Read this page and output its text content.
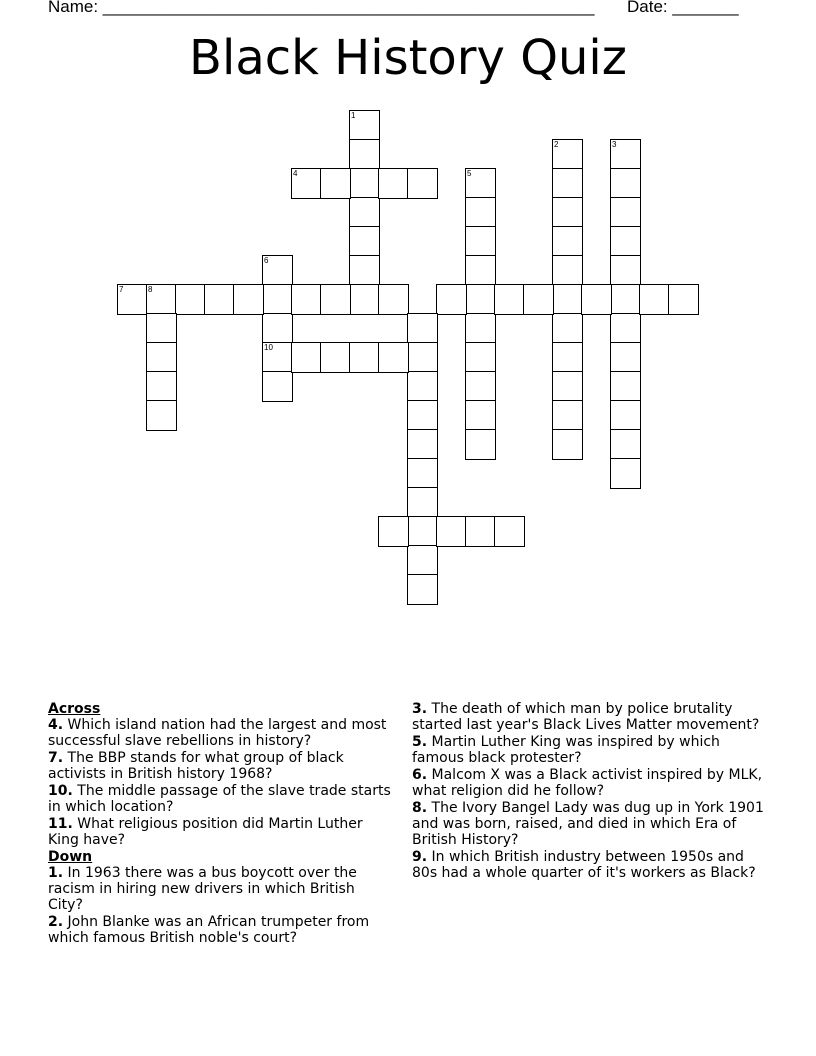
Name: ____________________________________________________ Date: _______
Black History Quiz
1
2	3
4	5
6
10
7	8
Across
4. Which island nation had the largest and most successful slave rebellions in history?
7. The BBP stands for what group of black activists in British history 1968?
10. The middle passage of the slave trade starts in which location?
11. What religious position did Martin Luther King have?
Down
1. In 1963 there was a bus boycott over the racism in hiring new drivers in which British City?
2. John Blanke was an African trumpeter from which famous British noble's court?
3. The death of which man by police brutality started last year's Black Lives Matter movement?
5. Martin Luther King was inspired by which famous black protester?
6. Malcom X was a Black activist inspired by MLK, what religion did he follow?
8. The Ivory Bangel Lady was dug up in York 1901 and was born, raised, and died in which Era of British History?
9. In which British industry between 1950s and 80s had a whole quarter of it's workers as Black?
